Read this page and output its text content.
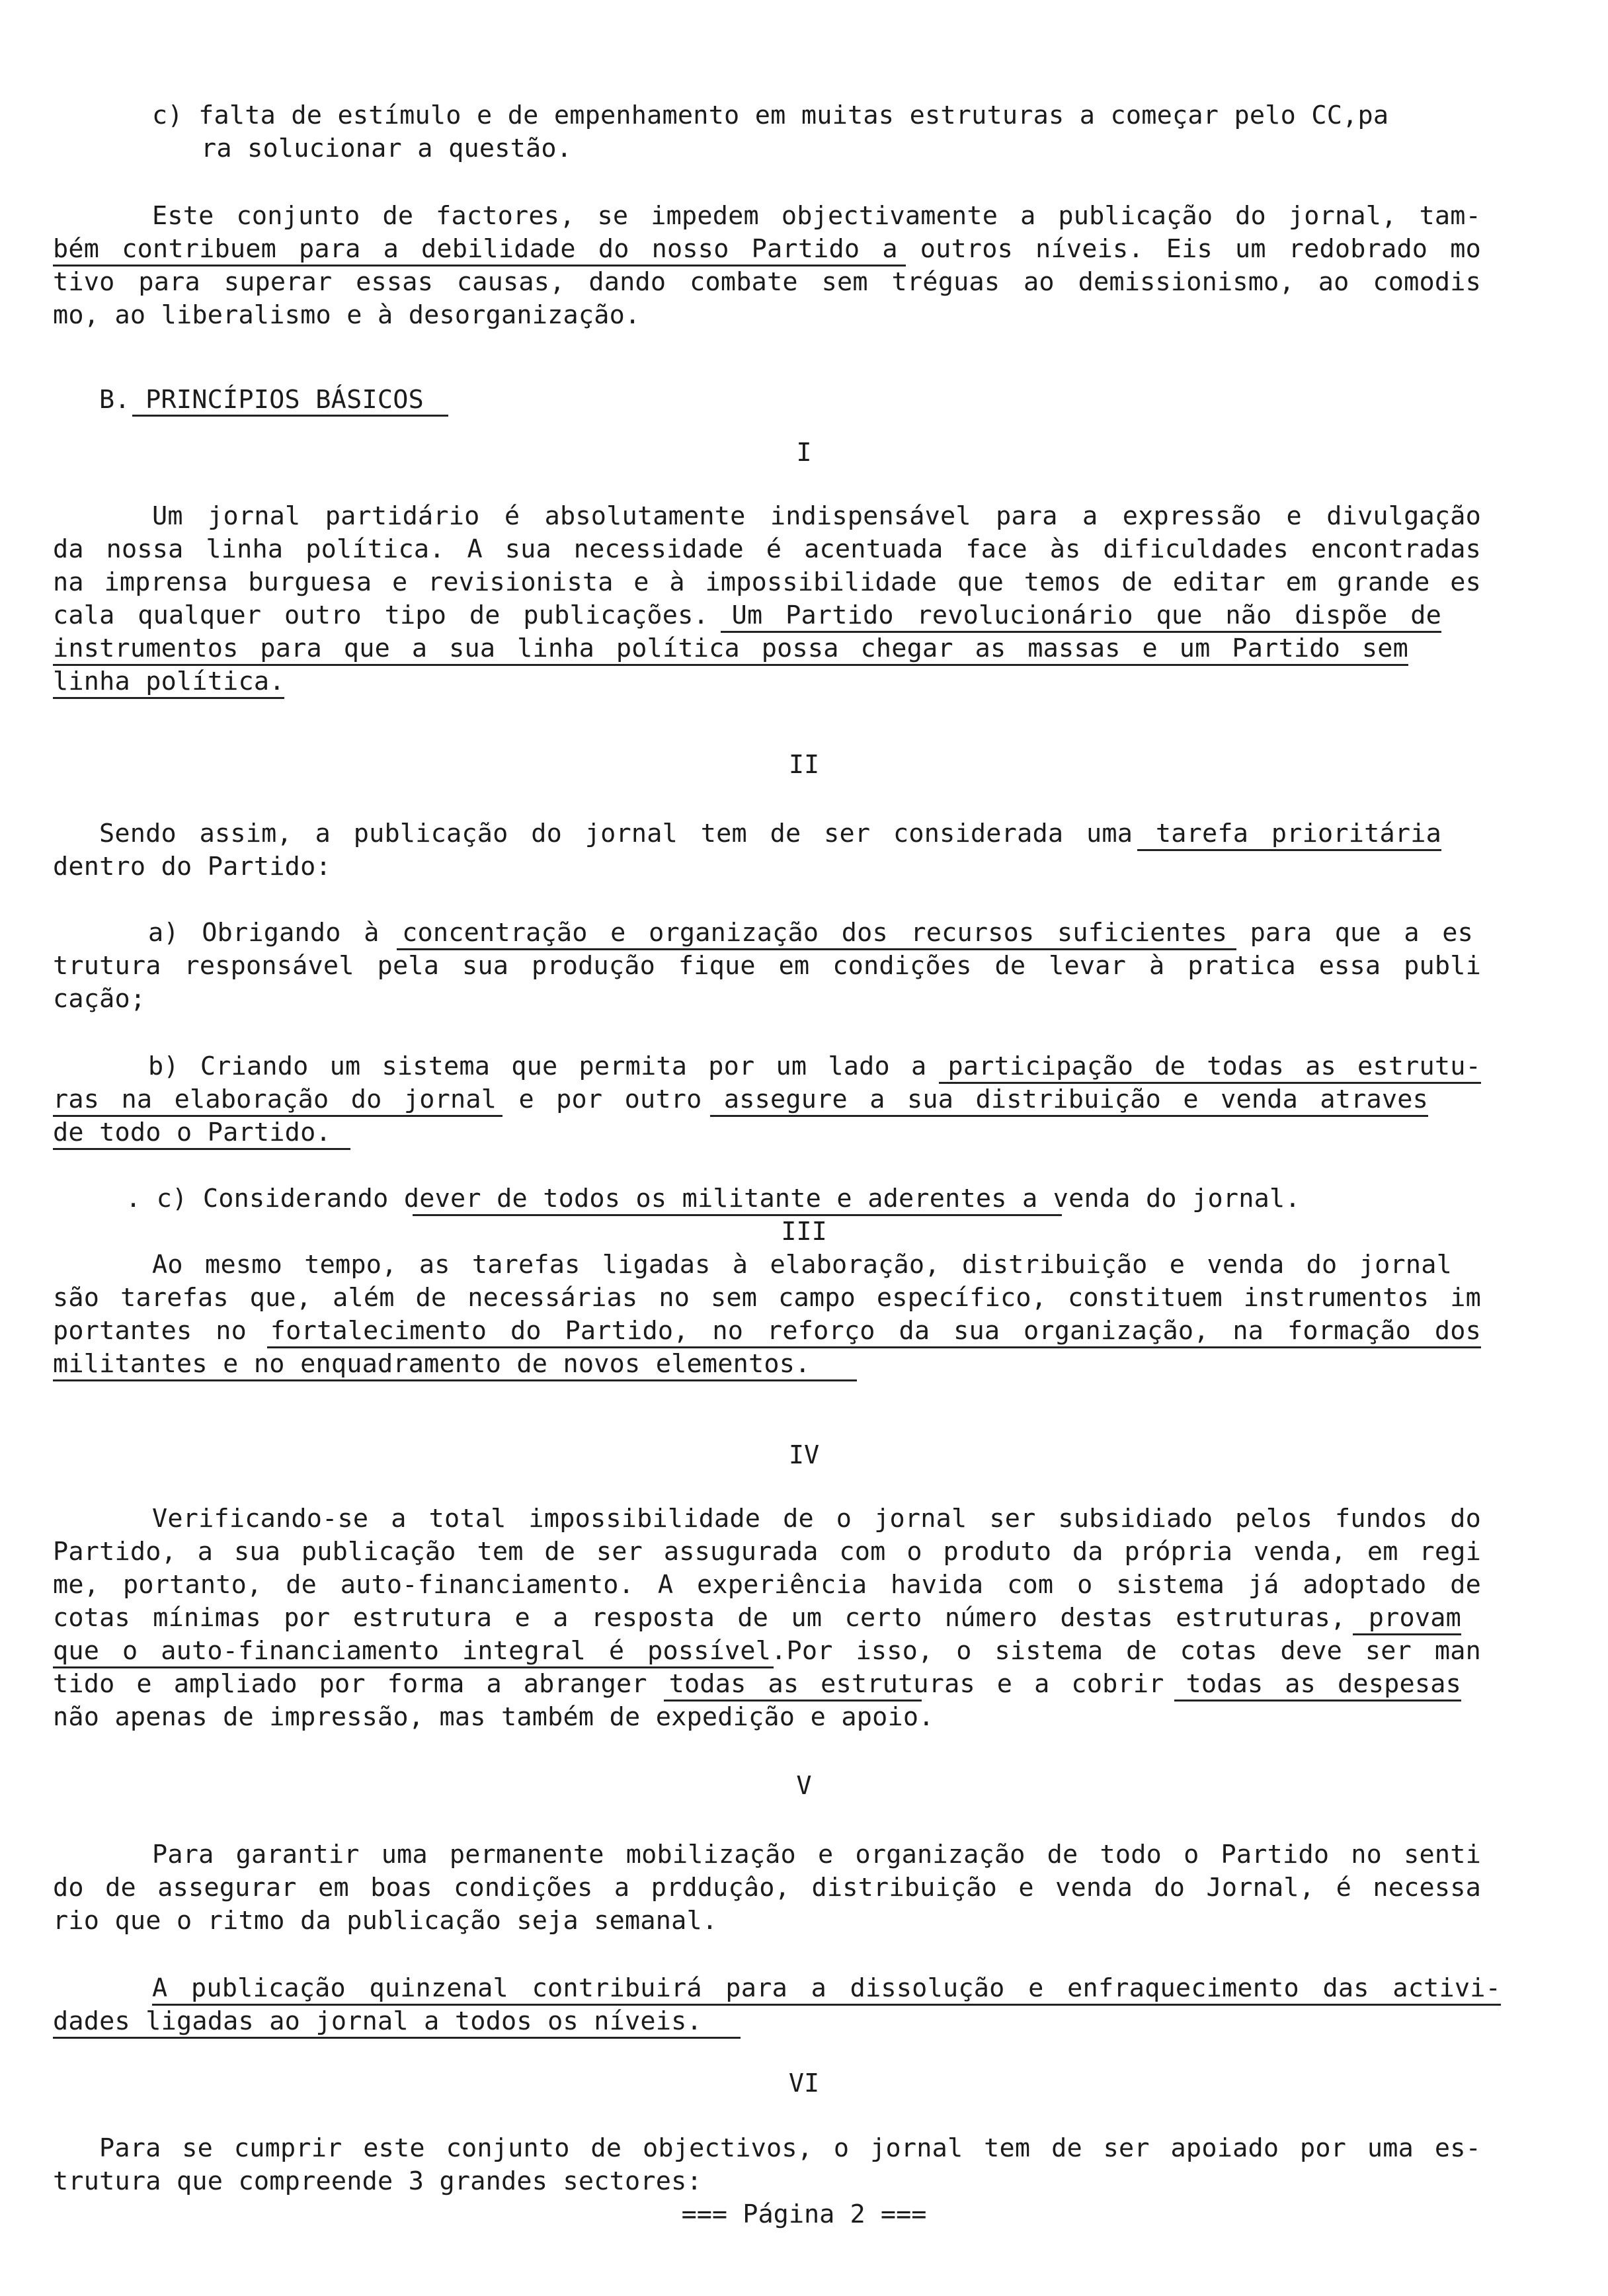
c) falta de estímulo e de empenhamento em muitas estruturas a começar pelo CC,pa
ra solucionar a questão.
Este conjunto de factores, se impedem objectivamente a publicação do jornal, tam-
bém contribuem para a debilidade do nosso Partido a outros níveis. Eis um redobrado mo
tivo para superar essas causas, dando combate sem tréguas ao demissionismo, ao comodis
mo, ao liberalismo e à desorganização.
B. PRINCÍPIOS BÁSICOS
I
Um jornal partidário é absolutamente indispensável para a expressão e divulgação
da nossa linha política. A sua necessidade é acentuada face às dificuldades encontradas
na imprensa burguesa e revisionista e à impossibilidade que temos de editar em grande es
cala qualquer outro tipo de publicações. Um Partido revolucionário que não dispõe de
instrumentos para que a sua linha política possa chegar as massas e um Partido sem
linha política.
II
Sendo assim, a publicação do jornal tem de ser considerada uma tarefa prioritária
dentro do Partido:
a) Obrigando à concentração e organização dos recursos suficientes para que a es
trutura responsável pela sua produção fique em condições de levar à pratica essa publi
cação;
b) Criando um sistema que permita por um lado a participação de todas as estrutu-
ras na elaboração do jornal e por outro assegure a sua distribuição e venda atraves
de todo o Partido.
. c) Considerando dever de todos os militante e aderentes a venda do jornal.
III
Ao mesmo tempo, as tarefas ligadas à elaboração, distribuição e venda do jornal
são tarefas que, além de necessárias no sem campo específico, constituem instrumentos im
portantes no fortalecimento do Partido, no reforço da sua organização, na formação dos
militantes e no enquadramento de novos elementos.
IV
Verificando-se a total impossibilidade de o jornal ser subsidiado pelos fundos do
Partido, a sua publicação tem de ser assugurada com o produto da própria venda, em regi
me, portanto, de auto-financiamento. A experiência havida com o sistema já adoptado de
cotas mínimas por estrutura e a resposta de um certo número destas estruturas, provam
que o auto-financiamento integral é possível.Por isso, o sistema de cotas deve ser man
tido e ampliado por forma a abranger todas as estruturas e a cobrir todas as despesas
não apenas de impressão, mas também de expedição e apoio.
V
Para garantir uma permanente mobilização e organização de todo o Partido no senti
do de assegurar em boas condições a prdduçâo, distribuição e venda do Jornal, é necessa
rio que o ritmo da publicação seja semanal.
A publicação quinzenal contribuirá para a dissolução e enfraquecimento das activi-
dades ligadas ao jornal a todos os níveis.
VI
Para se cumprir este conjunto de objectivos, o jornal tem de ser apoiado por uma es-
trutura que compreende 3 grandes sectores:
=== Página 2 ===
